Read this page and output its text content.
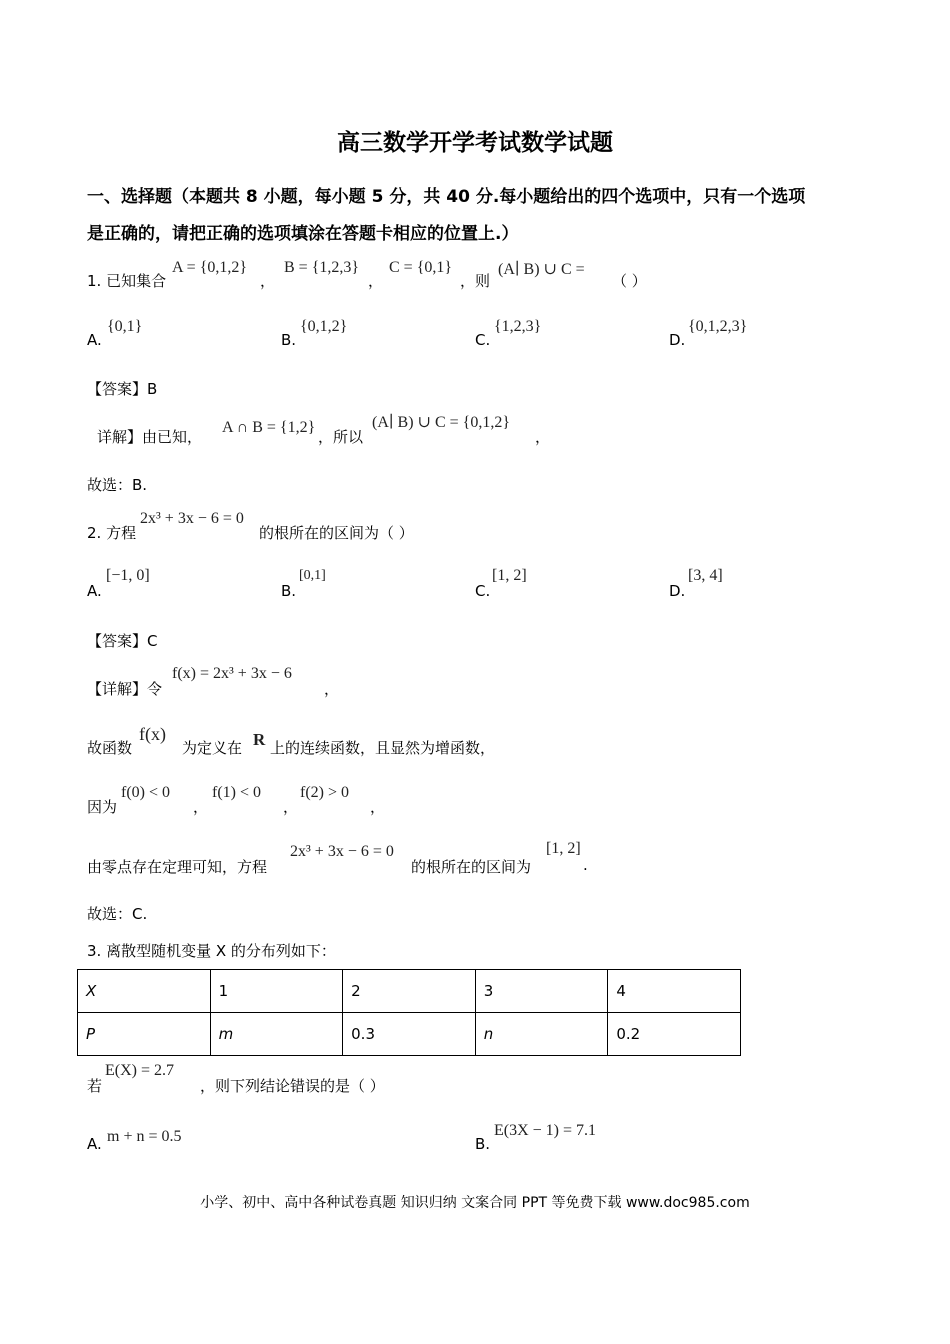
高三数学开学考试数学试题
一、选择题（本题共 8 小题，每小题 5 分，共 40 分.每小题给出的四个选项中，只有一个选项
是正确的，请把正确的选项填涂在答题卡相应的位置上.）
1. 已知集合
A = {0,1,2}
，
B = {1,2,3}
，
C = {0,1}
，则
(A∣ B) ∪ C =
（ ）
A.
{0,1}
B.
{0,1,2}
C.
{1,2,3}
D.
{0,1,2,3}
【答案】B
详解】由已知，
A ∩ B = {1,2}
，所以
(A∣ B) ∪ C = {0,1,2}
，
故选：B.
2. 方程
2x³ + 3x − 6 = 0
的根所在的区间为（ ）
A.
[−1, 0]
B.
[0,1]
C.
[1, 2]
D.
[3, 4]
【答案】C
【详解】令
f(x) = 2x³ + 3x − 6
，
故函数
f(x)
为定义在 R 上的连续函数，且显然为增函数，
因为
f(0) < 0
，
f(1) < 0
，
f(2) > 0
，
由零点存在定理可知，方程
2x³ + 3x − 6 = 0
的根所在的区间为
[1, 2]
.
故选：C.
3. 离散型随机变量 X 的分布列如下：
X	1	2	3	4
P	m	0.3	n	0.2
若
E(X) = 2.7
，则下列结论错误的是（ ）
A. m + n = 0.5	B.
E(3X − 1) = 7.1
小学、初中、高中各种试卷真题 知识归纳 文案合同 PPT 等免费下载 www.doc985.com
